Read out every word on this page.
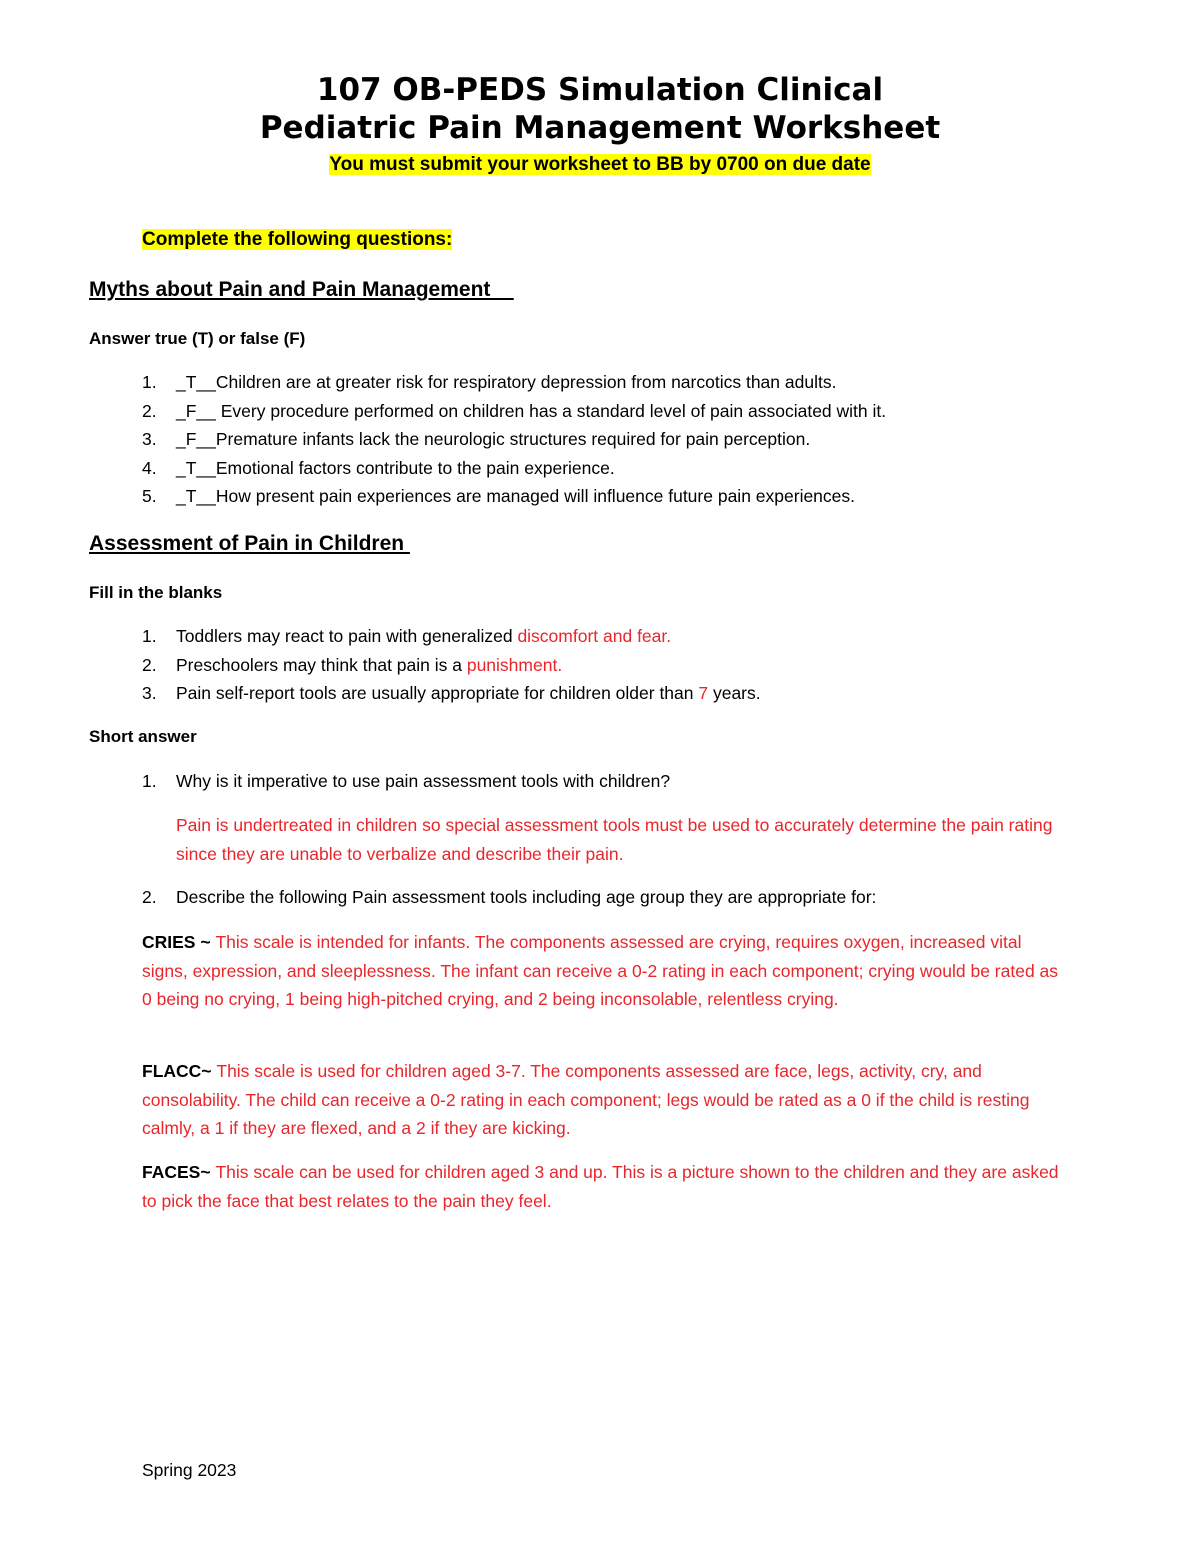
107 OB-PEDS Simulation Clinical

Pediatric Pain Management Worksheet

You must submit your worksheet to BB by 0700 on due date

Complete the following questions:

Myths about Pain and Pain Management

Answer true (T) or false (F)

1. _T__Children are at greater risk for respiratory depression from narcotics than adults.
2. _F__ Every procedure performed on children has a standard level of pain associated with it.
3. _F__Premature infants lack the neurologic structures required for pain perception.
4. _T__Emotional factors contribute to the pain experience.
5. _T__How present pain experiences are managed will influence future pain experiences.

Assessment of Pain in Children

Fill in the blanks

1. Toddlers may react to pain with generalized discomfort and fear.
2. Preschoolers may think that pain is a punishment.
3. Pain self-report tools are usually appropriate for children older than 7 years.

Short answer

1. Why is it imperative to use pain assessment tools with children?

Pain is undertreated in children so special assessment tools must be used to accurately determine the pain rating since they are unable to verbalize and describe their pain.

2. Describe the following Pain assessment tools including age group they are appropriate for:

CRIES ~ This scale is intended for infants. The components assessed are crying, requires oxygen, increased vital signs, expression, and sleeplessness. The infant can receive a 0-2 rating in each component; crying would be rated as 0 being no crying, 1 being high-pitched crying, and 2 being inconsolable, relentless crying.

FLACC~ This scale is used for children aged 3-7. The components assessed are face, legs, activity, cry, and consolability. The child can receive a 0-2 rating in each component; legs would be rated as a 0 if the child is resting calmly, a 1 if they are flexed, and a 2 if they are kicking.

FACES~ This scale can be used for children aged 3 and up. This is a picture shown to the children and they are asked to pick the face that best relates to the pain they feel.

Spring 2023
